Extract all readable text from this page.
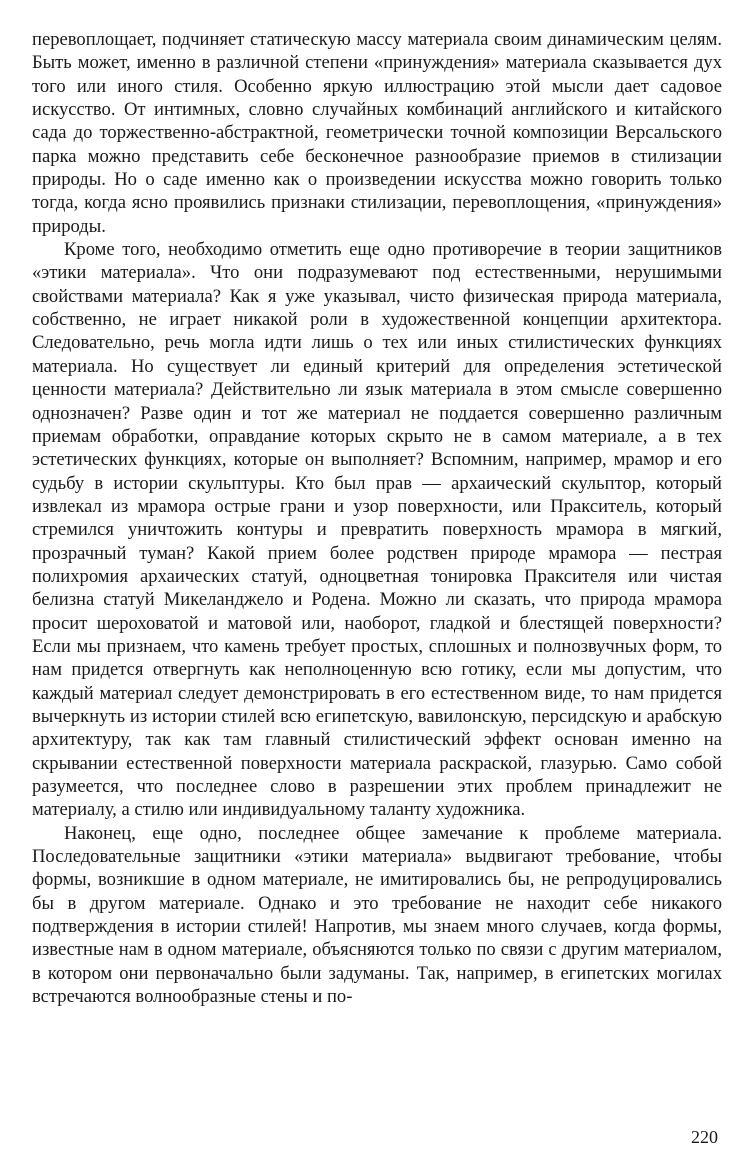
перевоплощает, подчиняет статическую массу материала своим динамическим целям. Быть может, именно в различной степени «принуждения» материала сказывается дух того или иного стиля. Особенно яркую иллюстрацию этой мысли дает садовое искусство. От интимных, словно случайных комбинаций английского и китайского сада до торжественно-абстрактной, геометрически точной композиции Версальского парка можно представить себе бесконечное разнообразие приемов в стилизации природы. Но о саде именно как о произведении искусства можно говорить только тогда, когда ясно проявились признаки стилизации, перевоплощения, «принуждения» природы.

Кроме того, необходимо отметить еще одно противоречие в теории защитников «этики материала». Что они подразумевают под естественными, нерушимыми свойствами материала? Как я уже указывал, чисто физическая природа материала, собственно, не играет никакой роли в художественной концепции архитектора. Следовательно, речь могла идти лишь о тех или иных стилистических функциях материала. Но существует ли единый критерий для определения эстетической ценности материала? Действительно ли язык материала в этом смысле совершенно однозначен? Разве один и тот же материал не поддается совершенно различным приемам обработки, оправдание которых скрыто не в самом материале, а в тех эстетических функциях, которые он выполняет? Вспомним, например, мрамор и его судьбу в истории скульптуры. Кто был прав — архаический скульптор, который извлекал из мрамора острые грани и узор поверхности, или Пракситель, который стремился уничтожить контуры и превратить поверхность мрамора в мягкий, прозрачный туман? Какой прием более родствен природе мрамора — пестрая полихромия архаических статуй, одноцветная тонировка Праксителя или чистая белизна статуй Микеланджело и Родена. Можно ли сказать, что природа мрамора просит шероховатой и матовой или, наоборот, гладкой и блестящей поверхности? Если мы признаем, что камень требует простых, сплошных и полнозвучных форм, то нам придется отвергнуть как неполноценную всю готику, если мы допустим, что каждый материал следует демонстрировать в его естественном виде, то нам придется вычеркнуть из истории стилей всю египетскую, вавилонскую, персидскую и арабскую архитектуру, так как там главный стилистический эффект основан именно на скрывании естественной поверхности материала раскраской, глазурью. Само собой разумеется, что последнее слово в разрешении этих проблем принадлежит не материалу, а стилю или индивидуальному таланту художника.

Наконец, еще одно, последнее общее замечание к проблеме материала. Последовательные защитники «этики материала» выдвигают требование, чтобы формы, возникшие в одном материале, не имитировались бы, не репродуцировались бы в другом материале. Однако и это требование не находит себе никакого подтверждения в истории стилей! Напротив, мы знаем много случаев, когда формы, известные нам в одном материале, объясняются только по связи с другим материалом, в котором они первоначально были задуманы. Так, например, в египетских могилах встречаются волнообразные стены и по-

220
